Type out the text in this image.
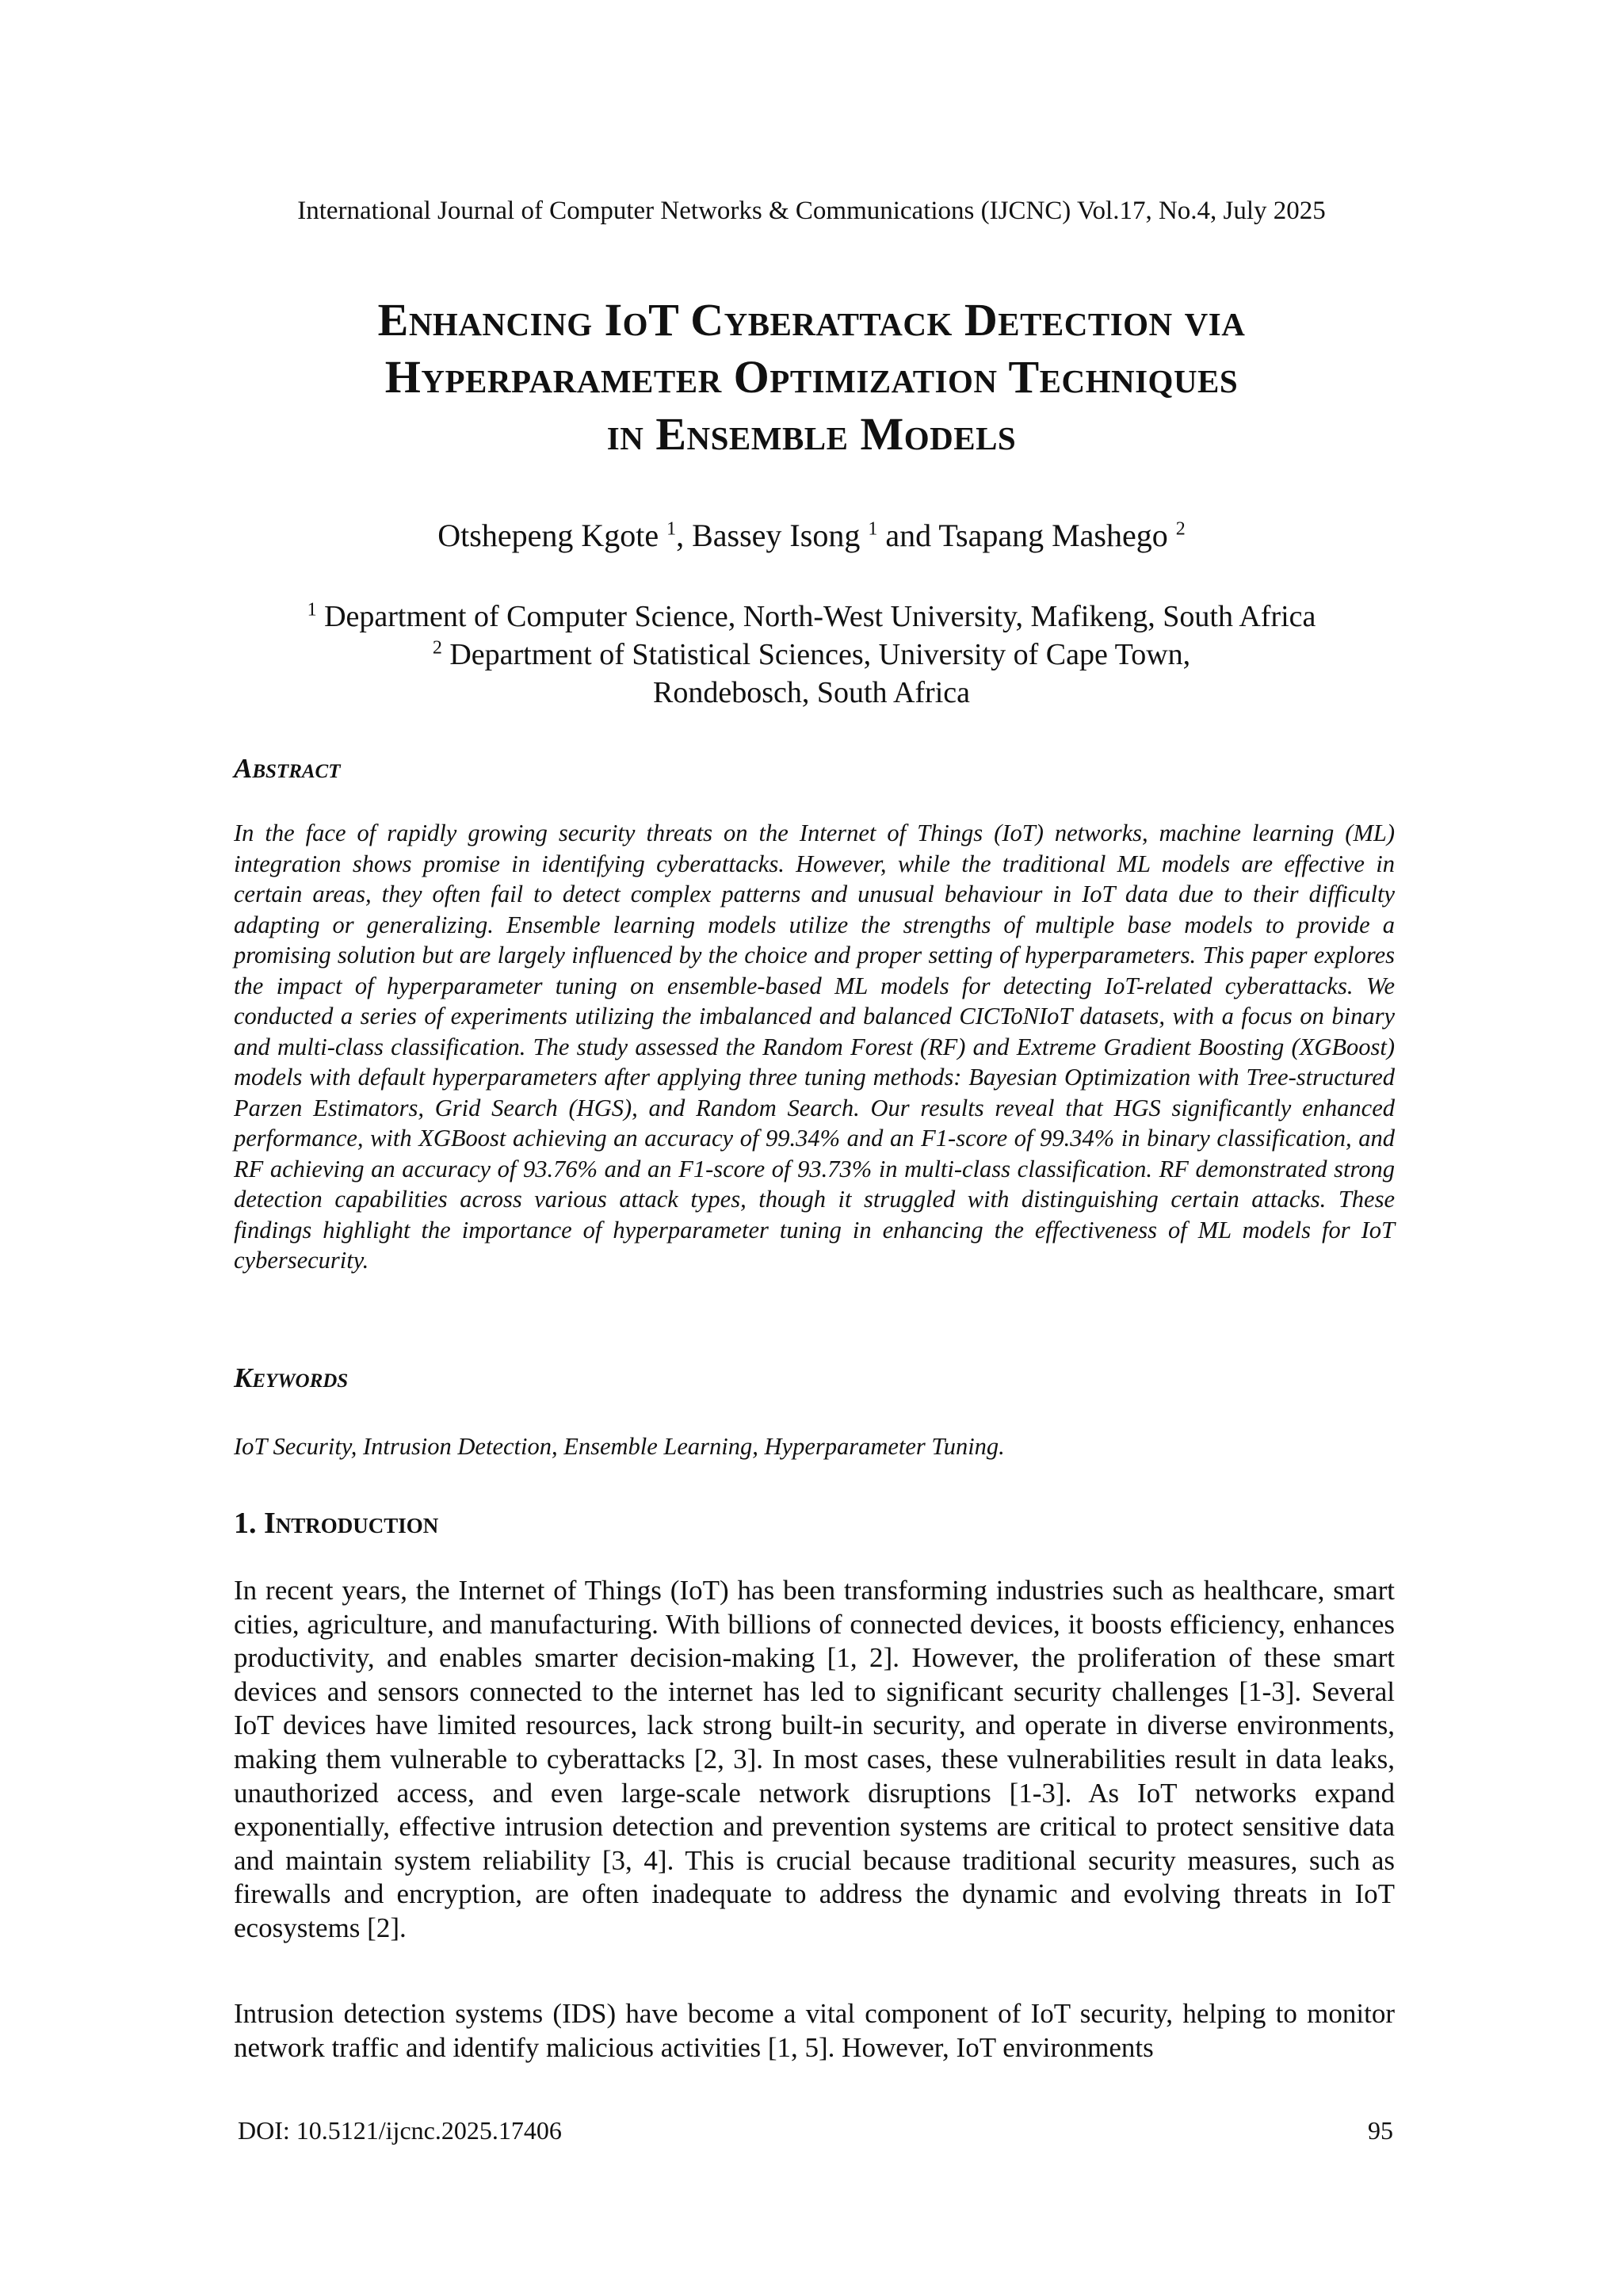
International Journal of Computer Networks & Communications (IJCNC) Vol.17, No.4, July 2025
Enhancing IoT Cyberattack Detection via
Hyperparameter Optimization Techniques
in Ensemble Models
Otshepeng Kgote $^1$, Bassey Isong $^1$ and Tsapang Mashego $^2$
$^1$ Department of Computer Science, North-West University, Mafikeng, South Africa
$^2$ Department of Statistical Sciences, University of Cape Town,
Rondebosch, South Africa
Abstract
In the face of rapidly growing security threats on the Internet of Things (IoT) networks, machine learning (ML) integration shows promise in identifying cyberattacks. However, while the traditional ML models are effective in certain areas, they often fail to detect complex patterns and unusual behaviour in IoT data due to their difficulty adapting or generalizing. Ensemble learning models utilize the strengths of multiple base models to provide a promising solution but are largely influenced by the choice and proper setting of hyperparameters. This paper explores the impact of hyperparameter tuning on ensemble-based ML models for detecting IoT-related cyberattacks. We conducted a series of experiments utilizing the imbalanced and balanced CICToNIoT datasets, with a focus on binary and multi-class classification. The study assessed the Random Forest (RF) and Extreme Gradient Boosting (XGBoost) models with default hyperparameters after applying three tuning methods: Bayesian Optimization with Tree-structured Parzen Estimators, Grid Search (HGS), and Random Search. Our results reveal that HGS significantly enhanced performance, with XGBoost achieving an accuracy of 99.34% and an F1-score of 99.34% in binary classification, and RF achieving an accuracy of 93.76% and an F1-score of 93.73% in multi-class classification. RF demonstrated strong detection capabilities across various attack types, though it struggled with distinguishing certain attacks. These findings highlight the importance of hyperparameter tuning in enhancing the effectiveness of ML models for IoT cybersecurity.
Keywords
IoT Security, Intrusion Detection, Ensemble Learning, Hyperparameter Tuning.
1. Introduction
In recent years, the Internet of Things (IoT) has been transforming industries such as healthcare, smart cities, agriculture, and manufacturing. With billions of connected devices, it boosts efficiency, enhances productivity, and enables smarter decision-making [1, 2]. However, the proliferation of these smart devices and sensors connected to the internet has led to significant security challenges [1-3]. Several IoT devices have limited resources, lack strong built-in security, and operate in diverse environments, making them vulnerable to cyberattacks [2, 3]. In most cases, these vulnerabilities result in data leaks, unauthorized access, and even large-scale network disruptions [1-3]. As IoT networks expand exponentially, effective intrusion detection and prevention systems are critical to protect sensitive data and maintain system reliability [3, 4]. This is crucial because traditional security measures, such as firewalls and encryption, are often inadequate to address the dynamic and evolving threats in IoT ecosystems [2].
Intrusion detection systems (IDS) have become a vital component of IoT security, helping to monitor network traffic and identify malicious activities [1, 5]. However, IoT environments
DOI: 10.5121/ijcnc.2025.17406	95
